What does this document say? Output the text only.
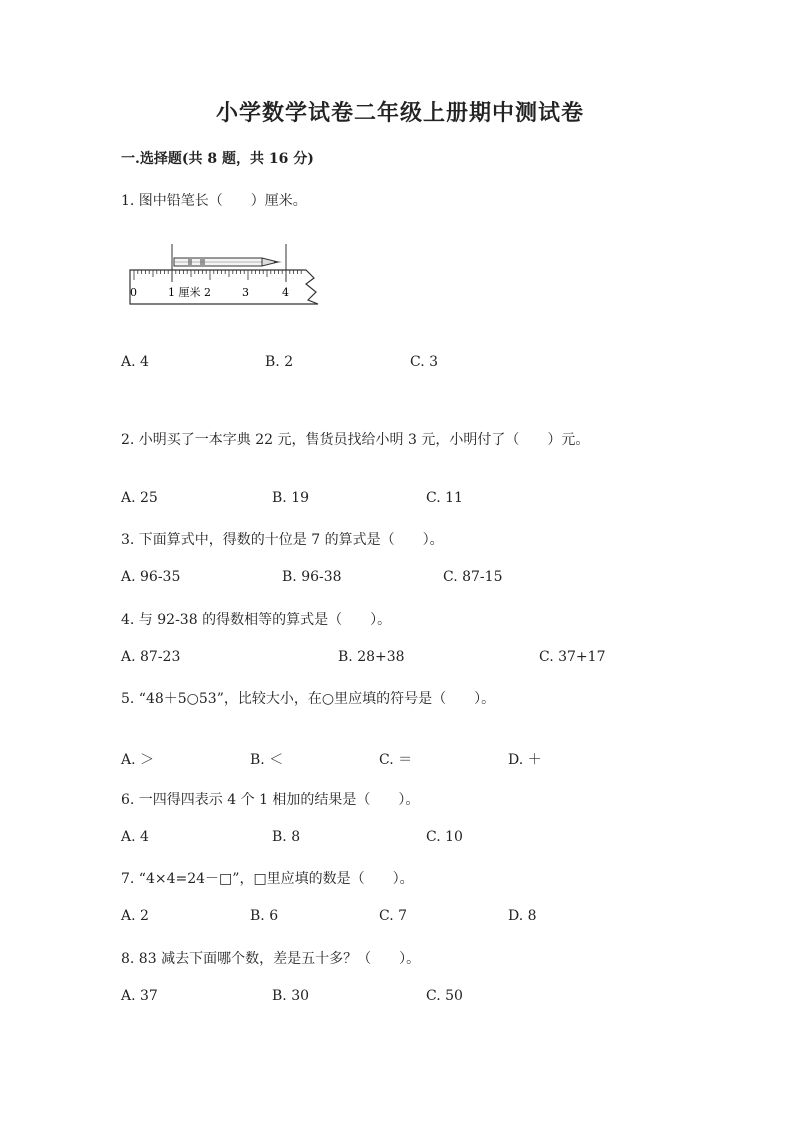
小学数学试卷二年级上册期中测试卷
一.选择题(共 8 题，共 16 分)
1. 图中铅笔长（　　）厘米。
0	1 厘米 2	3	4
A. 4	B. 2	C. 3
2. 小明买了一本字典 22 元，售货员找给小明 3 元，小明付了（　　）元。
A. 25	B. 19	C. 11
3. 下面算式中，得数的十位是 7 的算式是（　　）。
A. 96-35	B. 96-38	C. 87-15
4. 与 92-38 的得数相等的算式是（　　）。
A. 87-23	B. 28+38	C. 37+17
5. “48＋5○53”，比较大小，在○里应填的符号是（　　）。
A. ＞	B. ＜	C. ＝	D. ＋
6. 一四得四表示 4 个 1 相加的结果是（　　）。
A. 4	B. 8	C. 10
7. “4×4=24－□”，□里应填的数是（　　）。
A. 2	B. 6	C. 7	D. 8
8. 83 减去下面哪个数，差是五十多？（　　）。
A. 37	B. 30	C. 50
